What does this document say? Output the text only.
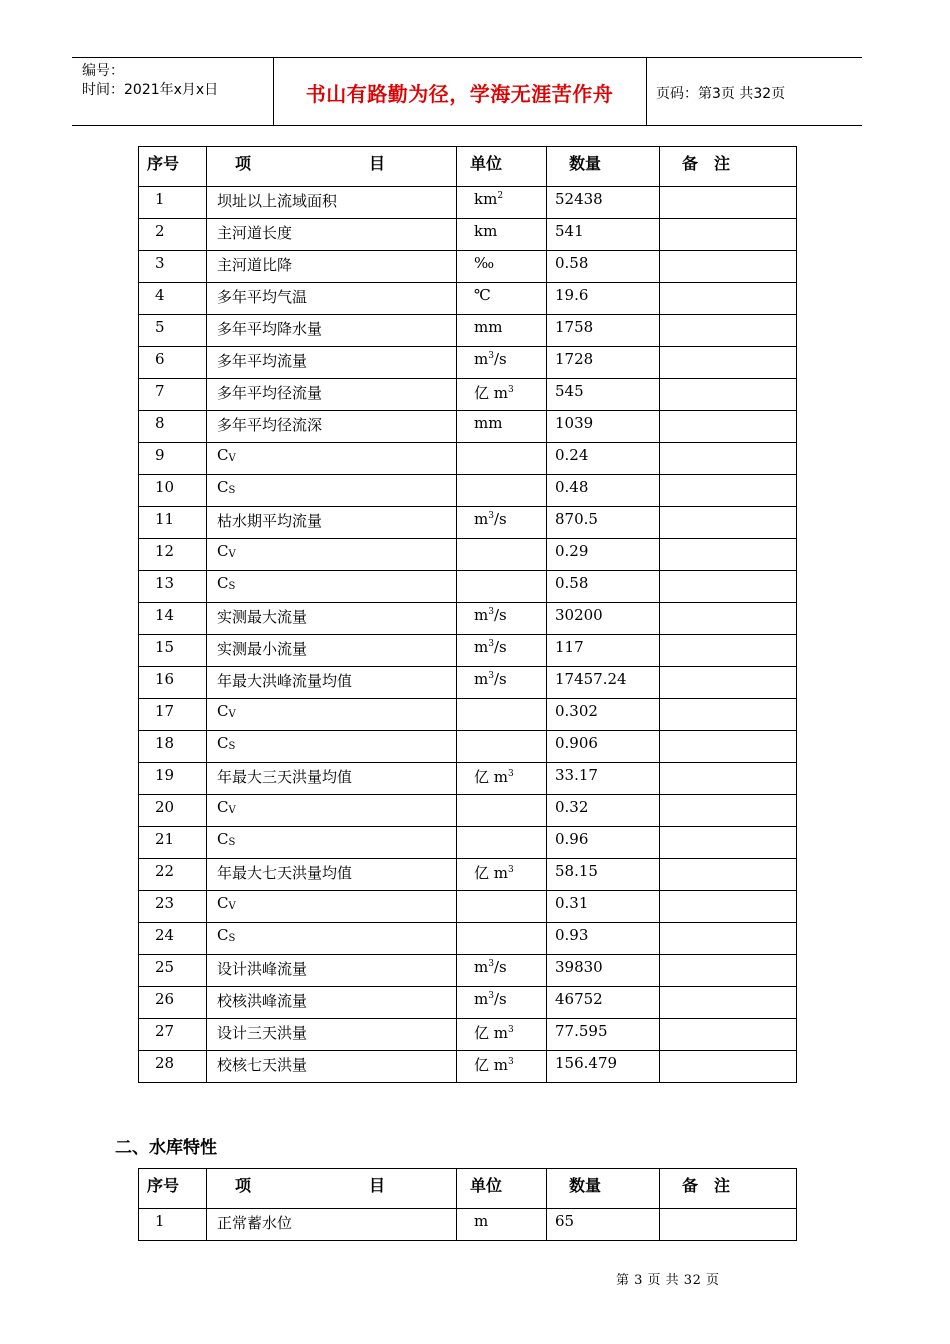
编号：
时间：2021年x月x日	书山有路勤为径，学海无涯苦作舟	页码：第3页 共32页
序号	项 目	单位	数量	备　注

1	坝址以上流域面积	$km^2$	52438	

2	主河道长度	km	541	

3	主河道比降	‰	0.58	

4	多年平均气温	℃	19.6	

5	多年平均降水量	mm	1758	

6	多年平均流量	$m^3/s$	1728	

7	多年平均径流量	亿 $m^3$	545	

8	多年平均径流深	mm	1039	

9	$C_V$		0.24	

10	$C_S$		0.48	

11	枯水期平均流量	$m^3/s$	870.5	

12	$C_V$		0.29	

13	$C_S$		0.58	

14	实测最大流量	$m^3/s$	30200	

15	实测最小流量	$m^3/s$	117	

16	年最大洪峰流量均值	$m^3/s$	17457.24	

17	$C_V$		0.302	

18	$C_S$		0.906	

19	年最大三天洪量均值	亿 $m^3$	33.17	

20	$C_V$		0.32	

21	$C_S$		0.96	

22	年最大七天洪量均值	亿 $m^3$	58.15	

23	$C_V$		0.31	

24	$C_S$		0.93	

25	设计洪峰流量	$m^3/s$	39830	

26	校核洪峰流量	$m^3/s$	46752	

27	设计三天洪量	亿 $m^3$	77.595	

28	校核七天洪量	亿 $m^3$	156.479	

二、水库特性
序号	项 目	单位	数量	备　注

1	正常蓄水位	m	65	

第 3 页 共 32 页
